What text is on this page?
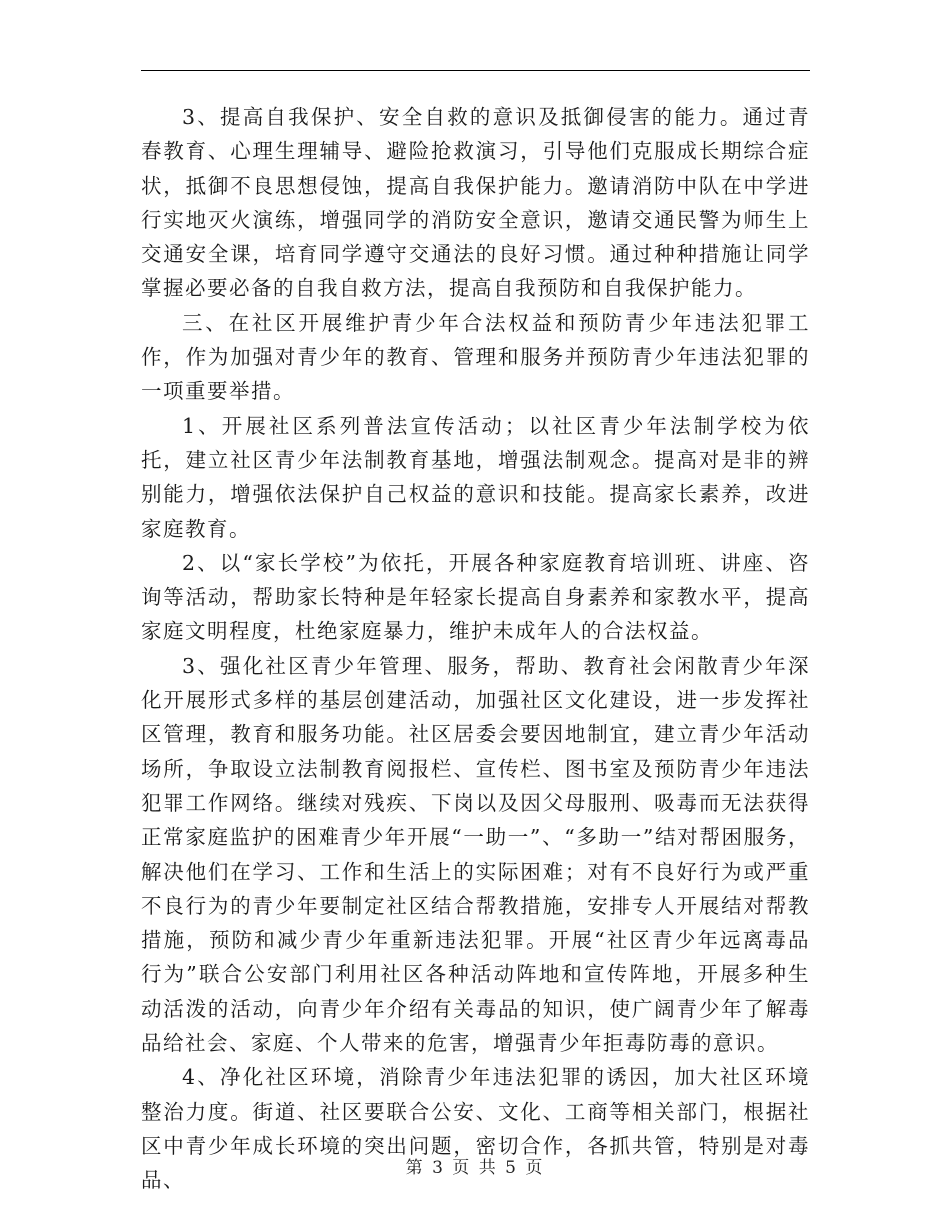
3、提高自我保护、安全自救的意识及抵御侵害的能力。通过青春教育、心理生理辅导、避险抢救演习，引导他们克服成长期综合症状，抵御不良思想侵蚀，提高自我保护能力。邀请消防中队在中学进行实地灭火演练，增强同学的消防安全意识，邀请交通民警为师生上交通安全课，培育同学遵守交通法的良好习惯。通过种种措施让同学掌握必要必备的自我自救方法，提高自我预防和自我保护能力。

三、在社区开展维护青少年合法权益和预防青少年违法犯罪工作，作为加强对青少年的教育、管理和服务并预防青少年违法犯罪的一项重要举措。

1、开展社区系列普法宣传活动；以社区青少年法制学校为依托，建立社区青少年法制教育基地，增强法制观念。提高对是非的辨别能力，增强依法保护自己权益的意识和技能。提高家长素养，改进家庭教育。

2、以“家长学校”为依托，开展各种家庭教育培训班、讲座、咨询等活动，帮助家长特种是年轻家长提高自身素养和家教水平，提高家庭文明程度，杜绝家庭暴力，维护未成年人的合法权益。

3、强化社区青少年管理、服务，帮助、教育社会闲散青少年深化开展形式多样的基层创建活动，加强社区文化建设，进一步发挥社区管理，教育和服务功能。社区居委会要因地制宜，建立青少年活动场所，争取设立法制教育阅报栏、宣传栏、图书室及预防青少年违法犯罪工作网络。继续对残疾、下岗以及因父母服刑、吸毒而无法获得正常家庭监护的困难青少年开展“一助一”、“多助一”结对帮困服务，解决他们在学习、工作和生活上的实际困难；对有不良好行为或严重不良行为的青少年要制定社区结合帮教措施，安排专人开展结对帮教措施，预防和减少青少年重新违法犯罪。开展“社区青少年远离毒品行为”联合公安部门利用社区各种活动阵地和宣传阵地，开展多种生动活泼的活动，向青少年介绍有关毒品的知识，使广阔青少年了解毒品给社会、家庭、个人带来的危害，增强青少年拒毒防毒的意识。

4、净化社区环境，消除青少年违法犯罪的诱因，加大社区环境整治力度。街道、社区要联合公安、文化、工商等相关部门，根据社区中青少年成长环境的突出问题，密切合作，各抓共管，特别是对毒品、

第 3 页 共 5 页
